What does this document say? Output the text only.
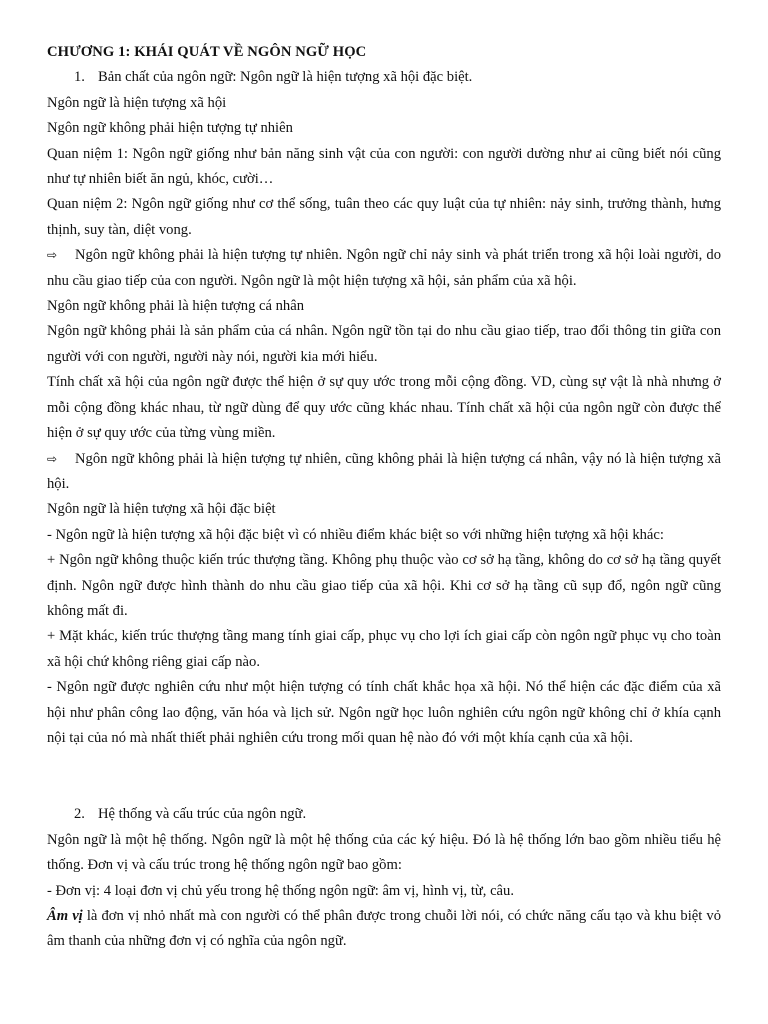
CHƯƠNG 1: KHÁI QUÁT VỀ NGÔN NGỮ HỌC

1. Bản chất của ngôn ngữ: Ngôn ngữ là hiện tượng xã hội đặc biệt.

Ngôn ngữ là hiện tượng xã hội

Ngôn ngữ không phải hiện tượng tự nhiên

Quan niệm 1: Ngôn ngữ giống như bản năng sinh vật của con người: con người dường như ai cũng biết nói cũng như tự nhiên biết ăn ngủ, khóc, cười…

Quan niệm 2: Ngôn ngữ giống như cơ thể sống, tuân theo các quy luật của tự nhiên: nảy sinh, trưởng thành, hưng thịnh, suy tàn, diệt vong.

⇨ Ngôn ngữ không phải là hiện tượng tự nhiên. Ngôn ngữ chỉ nảy sinh và phát triển trong xã hội loài người, do nhu cầu giao tiếp của con người. Ngôn ngữ là một hiện tượng xã hội, sản phẩm của xã hội.

Ngôn ngữ không phải là hiện tượng cá nhân

Ngôn ngữ không phải là sản phẩm của cá nhân. Ngôn ngữ tồn tại do nhu cầu giao tiếp, trao đổi thông tin giữa con người với con người, người này nói, người kia mới hiểu.

Tính chất xã hội của ngôn ngữ được thể hiện ở sự quy ước trong mỗi cộng đồng. VD, cùng sự vật là nhà nhưng ở mỗi cộng đồng khác nhau, từ ngữ dùng để quy ước cũng khác nhau. Tính chất xã hội của ngôn ngữ còn được thể hiện ở sự quy ước của từng vùng miền.

⇨ Ngôn ngữ không phải là hiện tượng tự nhiên, cũng không phải là hiện tượng cá nhân, vậy nó là hiện tượng xã hội.

Ngôn ngữ là hiện tượng xã hội đặc biệt

- Ngôn ngữ là hiện tượng xã hội đặc biệt vì có nhiều điểm khác biệt so với những hiện tượng xã hội khác:

+ Ngôn ngữ không thuộc kiến trúc thượng tầng. Không phụ thuộc vào cơ sở hạ tầng, không do cơ sở hạ tầng quyết định. Ngôn ngữ được hình thành do nhu cầu giao tiếp của xã hội. Khi cơ sở hạ tầng cũ sụp đổ, ngôn ngữ cũng không mất đi.

+ Mặt khác, kiến trúc thượng tầng mang tính giai cấp, phục vụ cho lợi ích giai cấp còn ngôn ngữ phục vụ cho toàn xã hội chứ không riêng giai cấp nào.

- Ngôn ngữ được nghiên cứu như một hiện tượng có tính chất khắc họa xã hội. Nó thể hiện các đặc điểm của xã hội như phân công lao động, văn hóa và lịch sử. Ngôn ngữ học luôn nghiên cứu ngôn ngữ không chỉ ở khía cạnh nội tại của nó mà nhất thiết phải nghiên cứu trong mối quan hệ nào đó với một khía cạnh của xã hội.

2. Hệ thống và cấu trúc của ngôn ngữ.

Ngôn ngữ là một hệ thống. Ngôn ngữ là một hệ thống của các ký hiệu. Đó là hệ thống lớn bao gồm nhiều tiểu hệ thống. Đơn vị và cấu trúc trong hệ thống ngôn ngữ bao gồm:

- Đơn vị: 4 loại đơn vị chủ yếu trong hệ thống ngôn ngữ: âm vị, hình vị, từ, câu.

Âm vị là đơn vị nhỏ nhất mà con người có thể phân được trong chuỗi lời nói, có chức năng cấu tạo và khu biệt vỏ âm thanh của những đơn vị có nghĩa của ngôn ngữ.
